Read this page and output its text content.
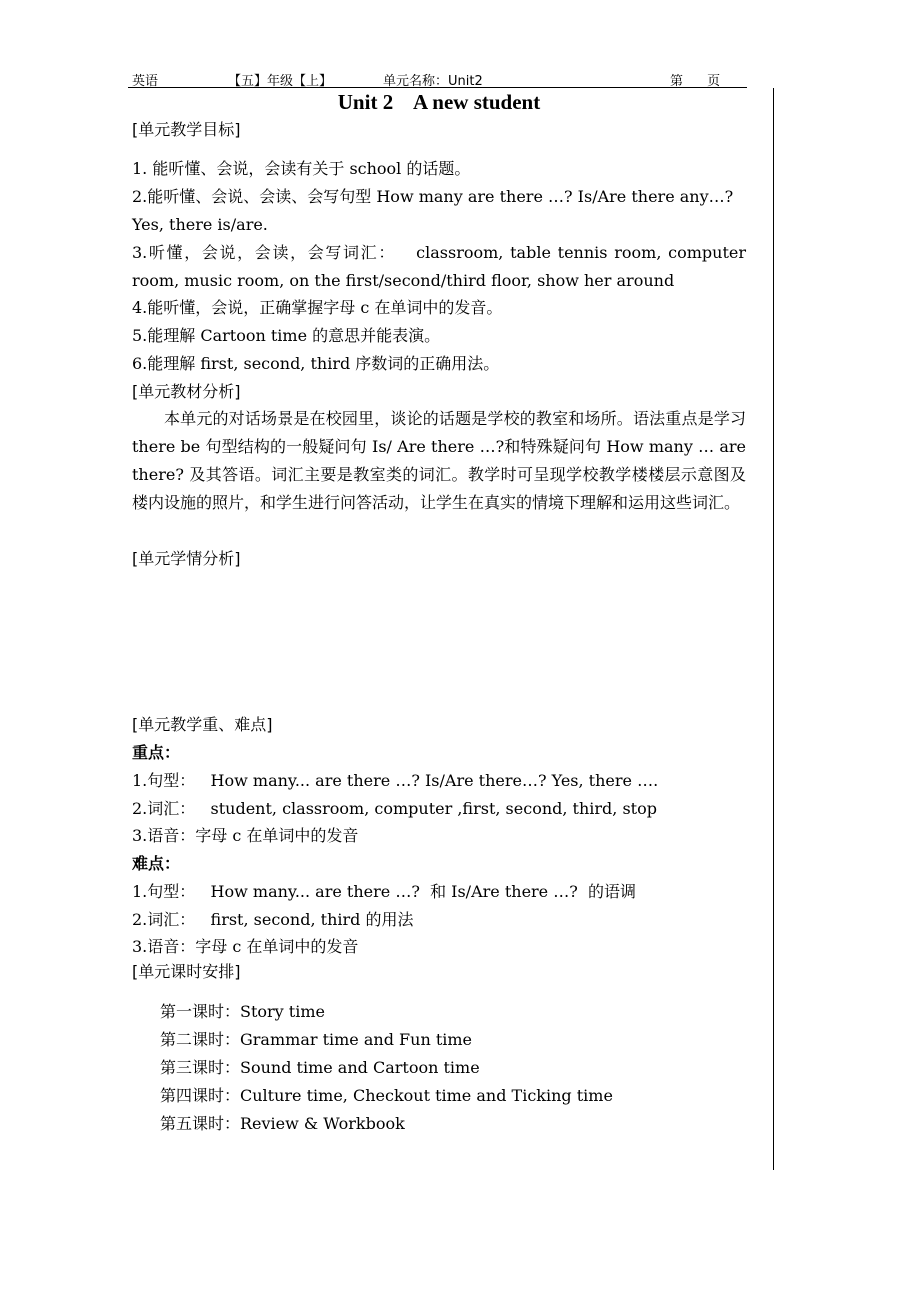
英语	【五】年级【上】	单元名称：Unit2	第 页
Unit 2    A new student
[单元教学目标]
1. 能听懂、会说，会读有关于 school 的话题。
2.能听懂、会说、会读、会写句型 How many are there …? Is/Are there any…?
Yes, there is/are.
3.听懂，会说，会读，会写词汇：   classroom, table tennis room, computer
room, music room, on the first/second/third floor, show her around
4.能听懂，会说，正确掌握字母 c 在单词中的发音。
5.能理解 Cartoon time 的意思并能表演。
6.能理解 first, second, third 序数词的正确用法。
[单元教材分析]
本单元的对话场景是在校园里，谈论的话题是学校的教室和场所。语法重点是学习 there be 句型结构的一般疑问句 Is/ Are there …?和特殊疑问句 How many … are there? 及其答语。词汇主要是教室类的词汇。教学时可呈现学校教学楼楼层示意图及楼内设施的照片，和学生进行问答活动，让学生在真实的情境下理解和运用这些词汇。
[单元学情分析]
[单元教学重、难点]
重点：
1.句型：   How many... are there …? Is/Are there…? Yes, there ….
2.词汇：   student, classroom, computer ,first, second, third, stop
3.语音：字母 c 在单词中的发音
难点：
1.句型：   How many... are there …?  和 Is/Are there …?  的语调
2.词汇：   first, second, third 的用法
3.语音：字母 c 在单词中的发音
[单元课时安排]
第一课时：Story time
第二课时：Grammar time and Fun time
第三课时：Sound time and Cartoon time
第四课时：Culture time, Checkout time and Ticking time
第五课时：Review & Workbook
